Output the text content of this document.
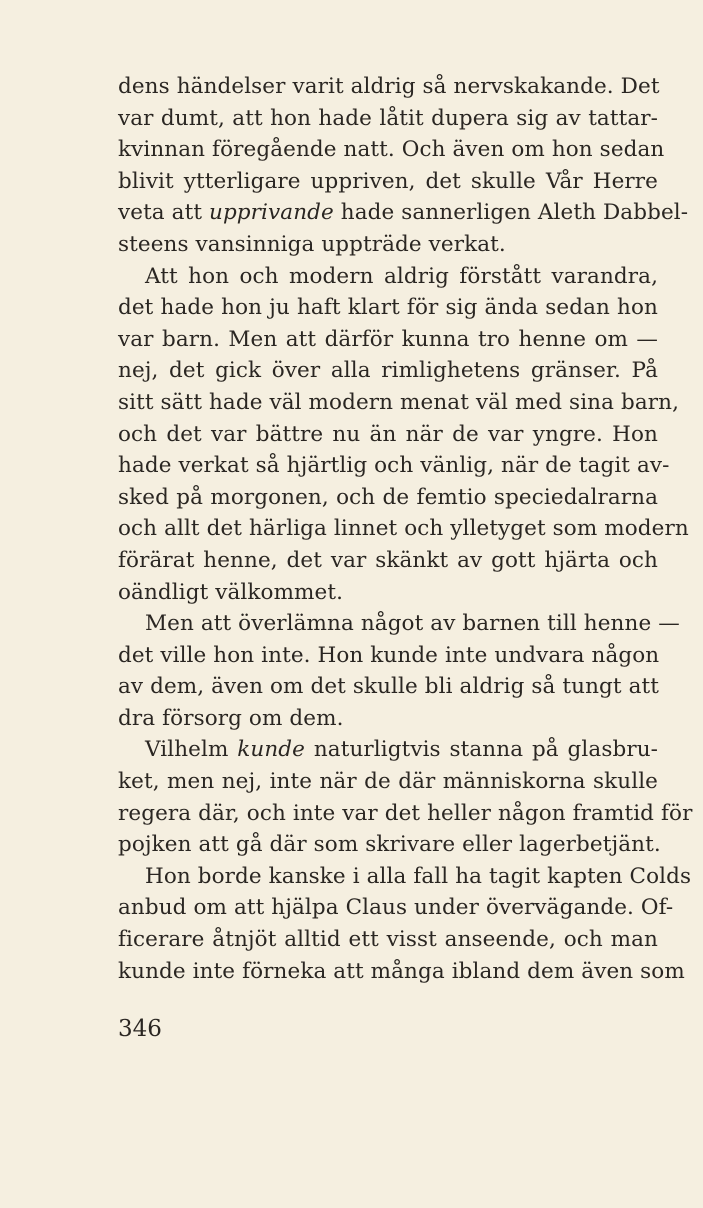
dens händelser varit aldrig så nervskakande. Det
var dumt, att hon hade låtit dupera sig av tattar-
kvinnan föregående natt. Och även om hon sedan
blivit ytterligare uppriven, det skulle Vår Herre
veta att upprivande hade sannerligen Aleth Dabbel-
steens vansinniga uppträde verkat.
Att hon och modern aldrig förstått varandra,
det hade hon ju haft klart för sig ända sedan hon
var barn. Men att därför kunna tro henne om —
nej, det gick över alla rimlighetens gränser. På
sitt sätt hade väl modern menat väl med sina barn,
och det var bättre nu än när de var yngre. Hon
hade verkat så hjärtlig och vänlig, när de tagit av-
sked på morgonen, och de femtio speciedalrarna
och allt det härliga linnet och ylletyget som modern
förärat henne, det var skänkt av gott hjärta och
oändligt välkommet.
Men att överlämna något av barnen till henne —
det ville hon inte. Hon kunde inte undvara någon
av dem, även om det skulle bli aldrig så tungt att
dra försorg om dem.
Vilhelm kunde naturligtvis stanna på glasbru-
ket, men nej, inte när de där människorna skulle
regera där, och inte var det heller någon framtid för
pojken att gå där som skrivare eller lagerbetjänt.
Hon borde kanske i alla fall ha tagit kapten Colds
anbud om att hjälpa Claus under övervägande. Of-
ficerare åtnjöt alltid ett visst anseende, och man
kunde inte förneka att många ibland dem även som
346
